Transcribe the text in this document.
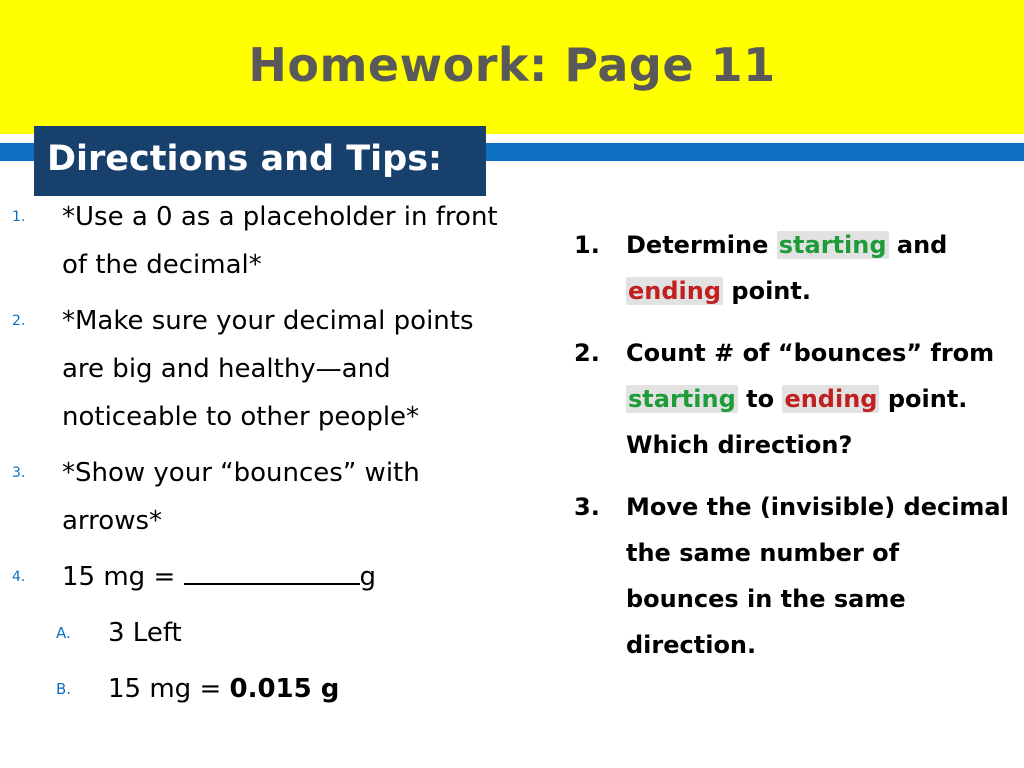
Homework: Page 11
Directions and Tips:
1. *Use a 0 as a placeholder in front of the decimal*
2. *Make sure your decimal points are big and healthy—and noticeable to other people*
3. *Show your “bounces” with arrows*
4. 15 mg =	g
A. 3 Left
B. 15 mg = 0.015 g
1. Determine starting and
ending point.
2. Count # of “bounces” from starting to ending point. Which direction?
3. Move the (invisible) decimal the same number of bounces in the same direction.
